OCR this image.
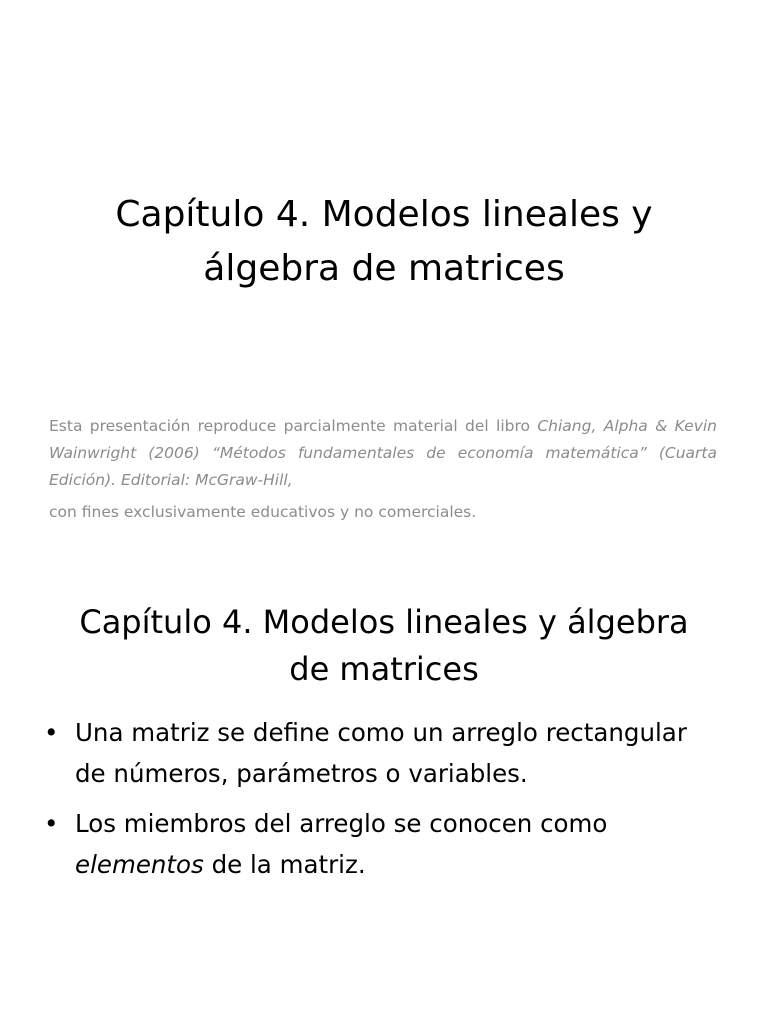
Capítulo 4. Modelos lineales y
álgebra de matrices

Esta presentación reproduce parcialmente material del libro Chiang, Alpha & Kevin Wainwright (2006) “Métodos fundamentales de economía matemática” (Cuarta Edición). Editorial: McGraw-Hill,

con fines exclusivamente educativos y no comerciales.

Capítulo 4. Modelos lineales y álgebra
de matrices
• Una matriz se define como un arreglo rectangular de números, parámetros o variables.
• Los miembros del arreglo se conocen como elementos de la matriz.
